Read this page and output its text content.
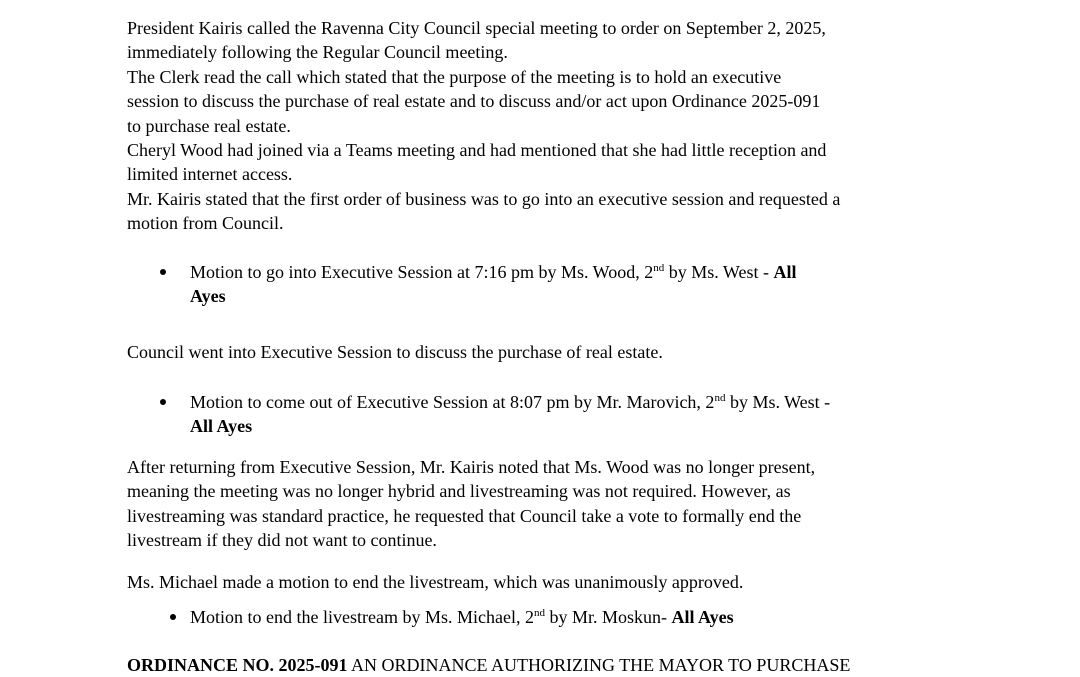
President Kairis called the Ravenna City Council special meeting to order on September 2, 2025,
immediately following the Regular Council meeting.
The Clerk read the call which stated that the purpose of the meeting is to hold an executive
session to discuss the purchase of real estate and to discuss and/or act upon Ordinance 2025-091
to purchase real estate.
Cheryl Wood had joined via a Teams meeting and had mentioned that she had little reception and
limited internet access.
Mr. Kairis stated that the first order of business was to go into an executive session and requested a
motion from Council.
Motion to go into Executive Session at 7:16 pm by Ms. Wood, 2nd by Ms. West - All
Ayes

Council went into Executive Session to discuss the purchase of real estate.

Motion to come out of Executive Session at 8:07 pm by Mr. Marovich, 2nd by Ms. West -
All Ayes
After returning from Executive Session, Mr. Kairis noted that Ms. Wood was no longer present,
meaning the meeting was no longer hybrid and livestreaming was not required. However, as
livestreaming was standard practice, he requested that Council take a vote to formally end the
livestream if they did not want to continue.

Ms. Michael made a motion to end the livestream, which was unanimously approved.

Motion to end the livestream by Ms. Michael, 2nd by Mr. Moskun- All Ayes

ORDINANCE NO. 2025-091 AN ORDINANCE AUTHORIZING THE MAYOR TO PURCHASE
